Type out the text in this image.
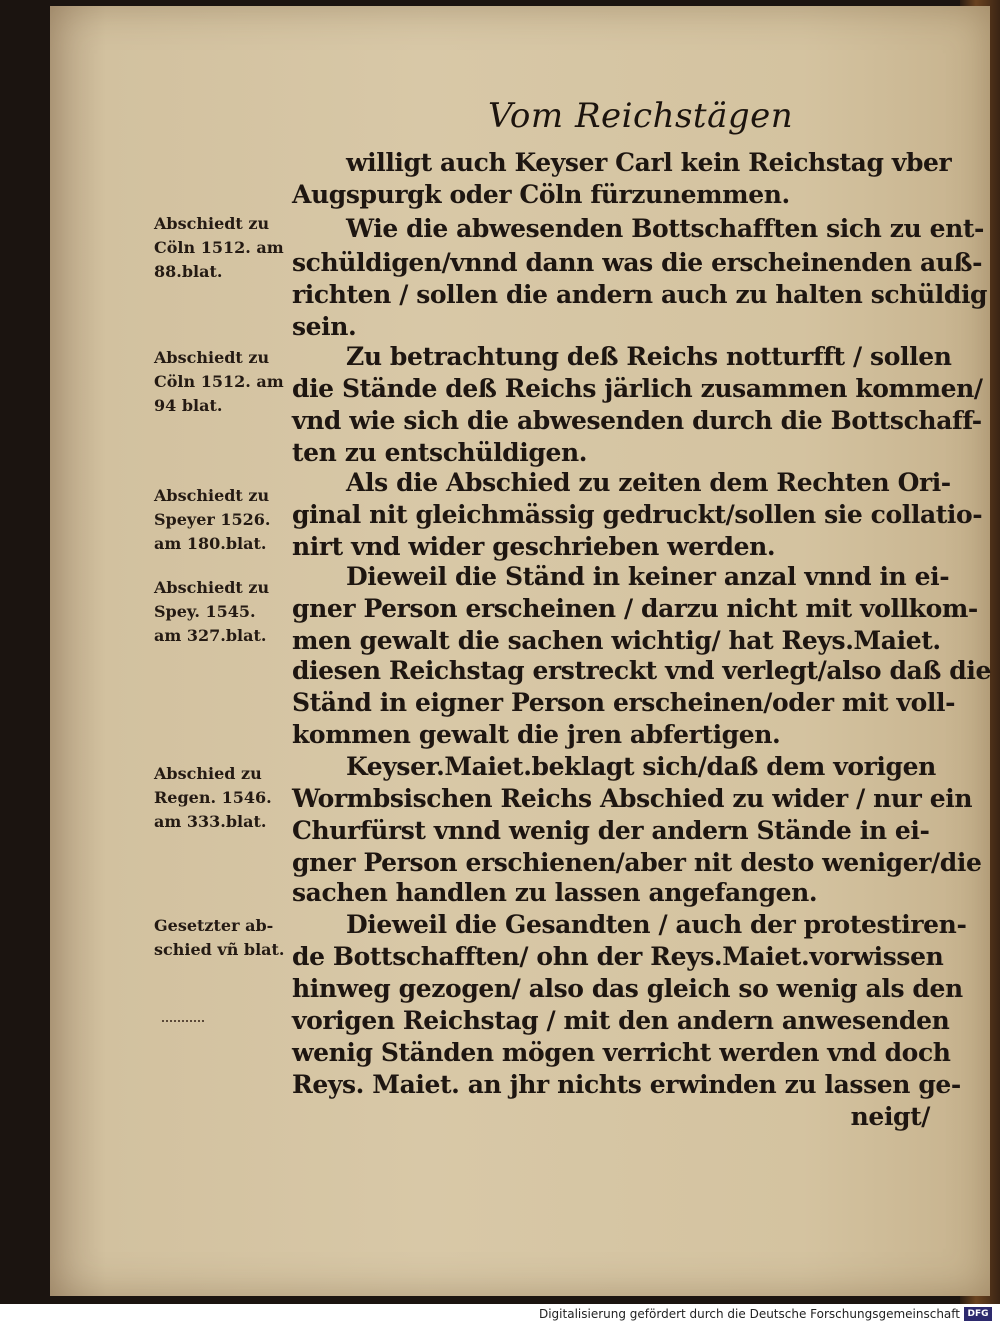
Vom Reichstägen
willigt auch Keyser Carl kein Reichstag vber
Augspurgk oder Cöln fürzunemmen.
Wie die abwesenden Bottschafften sich zu ent-
schüldigen/vnnd dann was die erscheinenden auß-
richten / sollen die andern auch zu halten schüldig
sein.
Zu betrachtung deß Reichs notturfft / sollen
die Stände deß Reichs järlich zusammen kommen/
vnd wie sich die abwesenden durch die Bottschaff-
ten zu entschüldigen.
Als die Abschied zu zeiten dem Rechten Ori-
ginal nit gleichmässig gedruckt/sollen sie collatio-
nirt vnd wider geschrieben werden.
Dieweil die Ständ in keiner anzal vnnd in ei-
gner Person erscheinen / darzu nicht mit vollkom-
men gewalt die sachen wichtig/ hat Reys.Maiet.
diesen Reichstag erstreckt vnd verlegt/also daß die
Ständ in eigner Person erscheinen/oder mit voll-
kommen gewalt die jren abfertigen.
Keyser.Maiet.beklagt sich/daß dem vorigen
Wormbsischen Reichs Abschied zu wider / nur ein
Churfürst vnnd wenig der andern Stände in ei-
gner Person erschienen/aber nit desto weniger/die
sachen handlen zu lassen angefangen.
Dieweil die Gesandten / auch der protestiren-
de Bottschafften/ ohn der Reys.Maiet.vorwissen
hinweg gezogen/ also das gleich so wenig als den
vorigen Reichstag / mit den andern anwesenden
wenig Ständen mögen verricht werden vnd doch
Reys. Maiet. an jhr nichts erwinden zu lassen ge-
neigt/
Abschiedt zu
Cöln 1512. am
88.blat.
Abschiedt zu
Cöln 1512. am
94 blat.
Abschiedt zu
Speyer 1526.
am 180.blat.
Abschiedt zu
Spey. 1545.
am 327.blat.
Abschied zu
Regen. 1546.
am 333.blat.
Gesetzter ab-
schied vñ blat.
Digitalisierung gefördert durch die Deutsche Forschungsgemeinschaft DFG
